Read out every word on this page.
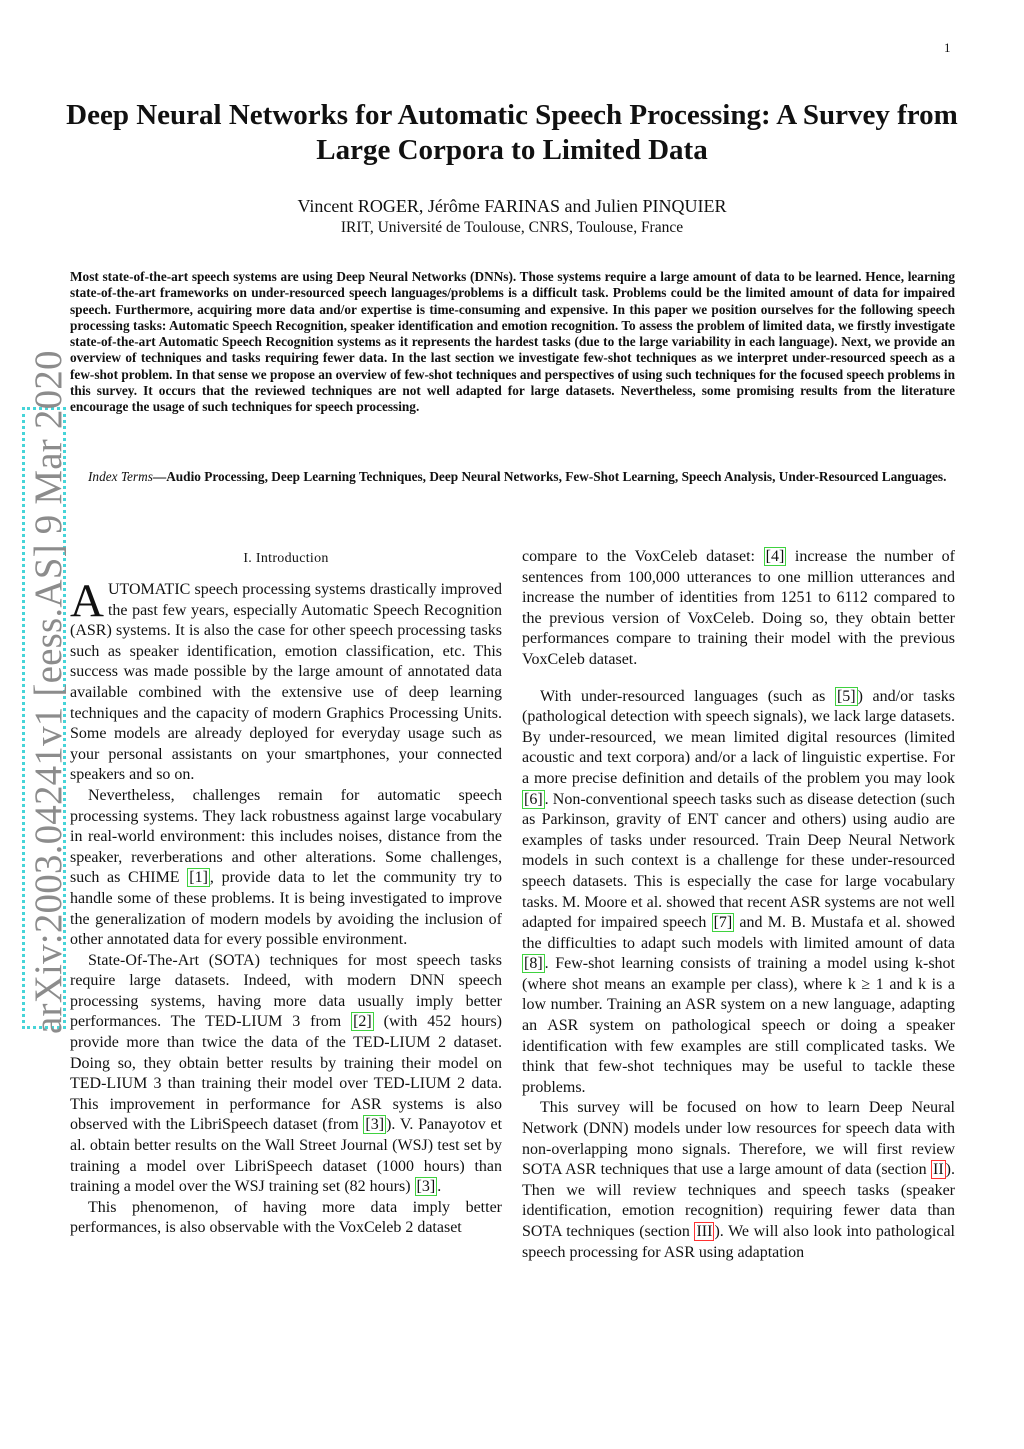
1
arXiv:2003.04241v1 [eess.AS] 9 Mar 2020
Deep Neural Networks for Automatic Speech Processing: A Survey from Large Corpora to Limited Data
Vincent ROGER, Jérôme FARINAS and Julien PINQUIER
IRIT, Université de Toulouse, CNRS, Toulouse, France

Most state-of-the-art speech systems are using Deep Neural Networks (DNNs). Those systems require a large amount of data to be learned. Hence, learning state-of-the-art frameworks on under-resourced speech languages/problems is a difficult task. Problems could be the limited amount of data for impaired speech. Furthermore, acquiring more data and/or expertise is time-consuming and expensive. In this paper we position ourselves for the following speech processing tasks: Automatic Speech Recognition, speaker identification and emotion recognition. To assess the problem of limited data, we firstly investigate state-of-the-art Automatic Speech Recognition systems as it represents the hardest tasks (due to the large variability in each language). Next, we provide an overview of techniques and tasks requiring fewer data. In the last section we investigate few-shot techniques as we interpret under-resourced speech as a few-shot problem. In that sense we propose an overview of few-shot techniques and perspectives of using such techniques for the focused speech problems in this survey. It occurs that the reviewed techniques are not well adapted for large datasets. Nevertheless, some promising results from the literature encourage the usage of such techniques for speech processing.

Index Terms—Audio Processing, Deep Learning Techniques, Deep Neural Networks, Few-Shot Learning, Speech Analysis, Under-Resourced Languages.

I. Introduction

AUTOMATIC speech processing systems drastically improved the past few years, especially Automatic Speech Recognition (ASR) systems. It is also the case for other speech processing tasks such as speaker identification, emotion classification, etc. This success was made possible by the large amount of annotated data available combined with the extensive use of deep learning techniques and the capacity of modern Graphics Processing Units. Some models are already deployed for everyday usage such as your personal assistants on your smartphones, your connected speakers and so on.

Nevertheless, challenges remain for automatic speech processing systems. They lack robustness against large vocabulary in real-world environment: this includes noises, distance from the speaker, reverberations and other alterations. Some challenges, such as CHIME [1] , provide data to let the community try to handle some of these problems. It is being investigated to improve the generalization of modern models by avoiding the inclusion of other annotated data for every possible environment.

State-Of-The-Art (SOTA) techniques for most speech tasks require large datasets. Indeed, with modern DNN speech processing systems, having more data usually imply better performances. The TED-LIUM 3 from [2] (with 452 hours) provide more than twice the data of the TED-LIUM 2 dataset. Doing so, they obtain better results by training their model on TED-LIUM 3 than training their model over TED-LIUM 2 data. This improvement in performance for ASR systems is also observed with the LibriSpeech dataset (from [3] ). V. Panayotov et al. obtain better results on the Wall Street Journal (WSJ) test set by training a model over LibriSpeech dataset (1000 hours) than training a model over the WSJ training set (82 hours) [3] .

This phenomenon, of having more data imply better performances, is also observable with the VoxCeleb 2 dataset

compare to the VoxCeleb dataset: [4] increase the number of sentences from 100,000 utterances to one million utterances and increase the number of identities from 1251 to 6112 compared to the previous version of VoxCeleb. Doing so, they obtain better performances compare to training their model with the previous VoxCeleb dataset.

With under-resourced languages (such as [5] ) and/or tasks (pathological detection with speech signals), we lack large datasets. By under-resourced, we mean limited digital resources (limited acoustic and text corpora) and/or a lack of linguistic expertise. For a more precise definition and details of the problem you may look [6] . Non-conventional speech tasks such as disease detection (such as Parkinson, gravity of ENT cancer and others) using audio are examples of tasks under resourced. Train Deep Neural Network models in such context is a challenge for these under-resourced speech datasets. This is especially the case for large vocabulary tasks. M. Moore et al. showed that recent ASR systems are not well adapted for impaired speech [7] and M. B. Mustafa et al. showed the difficulties to adapt such models with limited amount of data [8] . Few-shot learning consists of training a model using k-shot (where shot means an example per class), where k ≥ 1 and k is a low number. Training an ASR system on a new language, adapting an ASR system on pathological speech or doing a speaker identification with few examples are still complicated tasks. We think that few-shot techniques may be useful to tackle these problems.

This survey will be focused on how to learn Deep Neural Network (DNN) models under low resources for speech data with non-overlapping mono signals. Therefore, we will first review SOTA ASR techniques that use a large amount of data (section II ). Then we will review techniques and speech tasks (speaker identification, emotion recognition) requiring fewer data than SOTA techniques (section III ). We will also look into pathological speech processing for ASR using adaptation
